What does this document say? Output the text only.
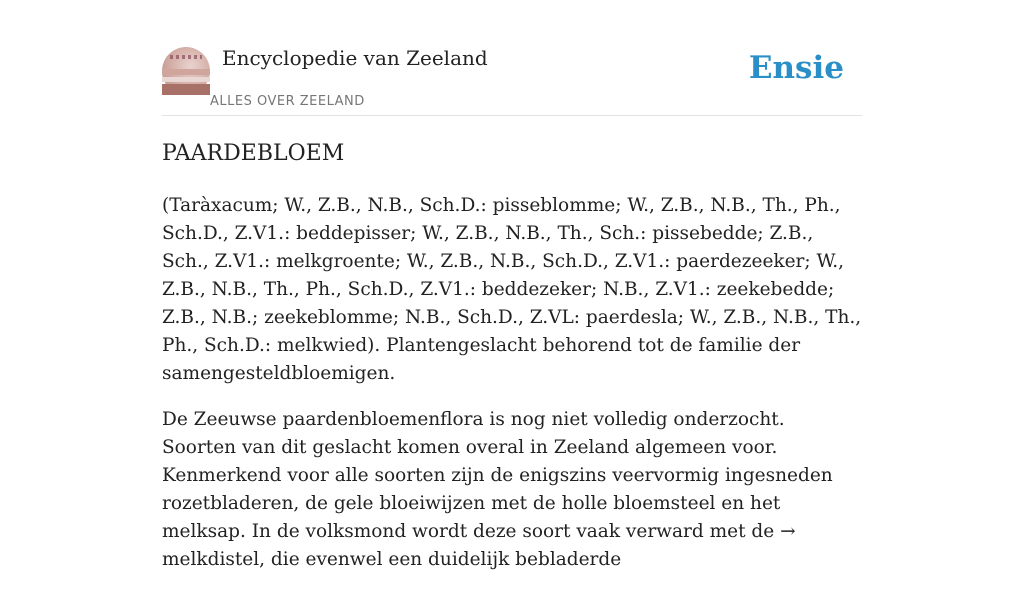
Encyclopedie van Zeeland
ALLES OVER ZEELAND
Ensie
PAARDEBLOEM

(Taràxacum; W., Z.B., N.B., Sch.D.: pisseblomme; W., Z.B., N.B., Th., Ph., Sch.D., Z.V1.: beddepisser; W., Z.B., N.B., Th., Sch.: pissebedde; Z.B., Sch., Z.V1.: melkgroente; W., Z.B., N.B., Sch.D., Z.V1.: paerdezeeker; W., Z.B., N.B., Th., Ph., Sch.D., Z.V1.: beddezeker; N.B., Z.V1.: zeekebedde; Z.B., N.B.; zeekeblomme; N.B., Sch.D., Z.VL: paerdesla; W., Z.B., N.B., Th., Ph., Sch.D.: melkwied). Plantengeslacht behorend tot de familie der samengesteldbloemigen.

De Zeeuwse paardenbloemenflora is nog niet volledig onderzocht. Soorten van dit geslacht komen overal in Zeeland algemeen voor. Kenmerkend voor alle soorten zijn de enigszins veervormig ingesneden rozetbladeren, de gele bloeiwijzen met de holle bloemsteel en het melksap. In de volksmond wordt deze soort vaak verward met de → melkdistel, die evenwel een duidelijk bebladerde
